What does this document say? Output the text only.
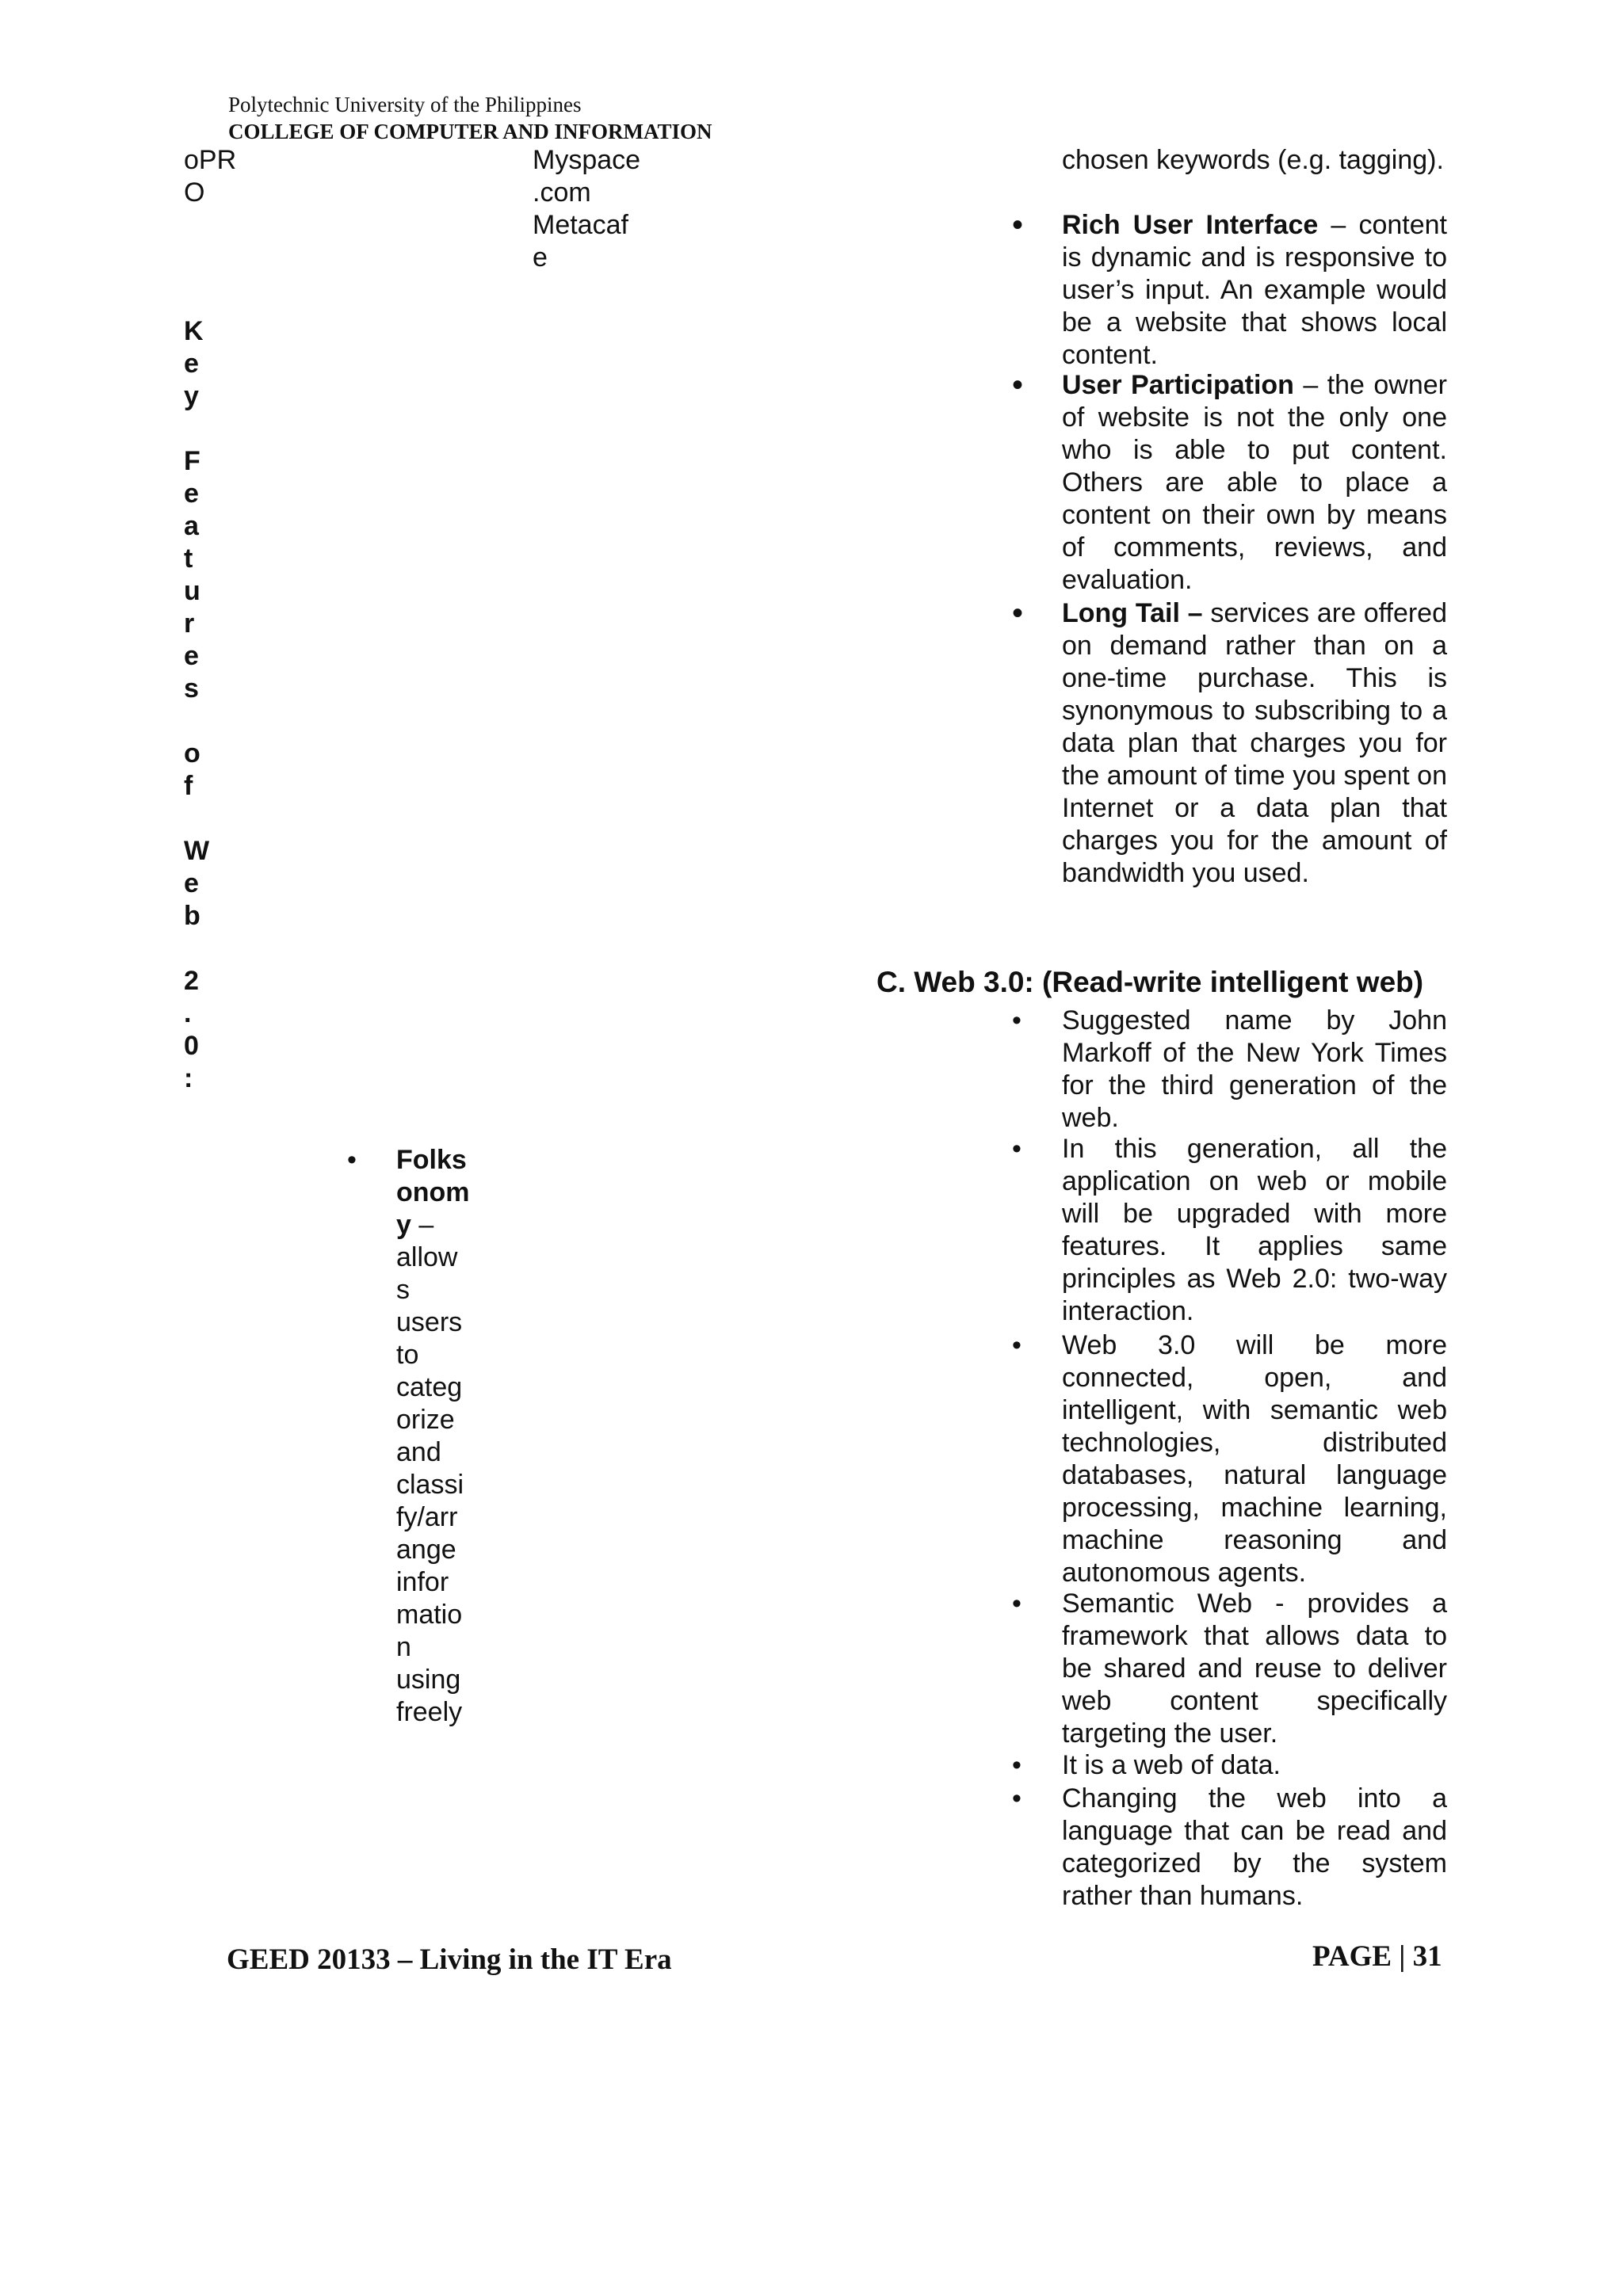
Polytechnic University of the Philippines
COLLEGE OF COMPUTER AND INFORMATION
oPR
O
K
e
y

F
e
a
t
u
r
e
s

o
f

W
e
b

2
.
0
:
Myspace
.com
Metacaf
e
• Folks
onom
y –
allow
s
users
to
categ
orize
and
classi
fy/arr
ange
infor
matio
n
using
freely
chosen keywords (e.g. tagging).
• Rich User Interface – content is dynamic and is responsive to user’s input. An example would be a website that shows local content.
• User Participation – the owner of website is not the only one who is able to put content. Others are able to place a content on their own by means of comments, reviews, and evaluation.
• Long Tail – services are offered on demand rather than on a one-time purchase. This is synonymous to subscribing to a data plan that charges you for the amount of time you spent on Internet or a data plan that charges you for the amount of bandwidth you used.
C. Web 3.0: (Read-write intelligent web)
• Suggested name by John Markoff of the New York Times for the third generation of the web.
• In this generation, all the application on web or mobile will be upgraded with more features. It applies same principles as Web 2.0: two-way interaction.
• Web 3.0 will be more connected, open, and intelligent, with semantic web technologies, distributed databases, natural language processing, machine learning, machine reasoning and autonomous agents.
• Semantic Web - provides a framework that allows data to be shared and reuse to deliver web content specifically targeting the user.
• It is a web of data.
• Changing the web into a language that can be read and categorized by the system rather than humans.
GEED 20133 – Living in the IT Era	PAGE | 31
